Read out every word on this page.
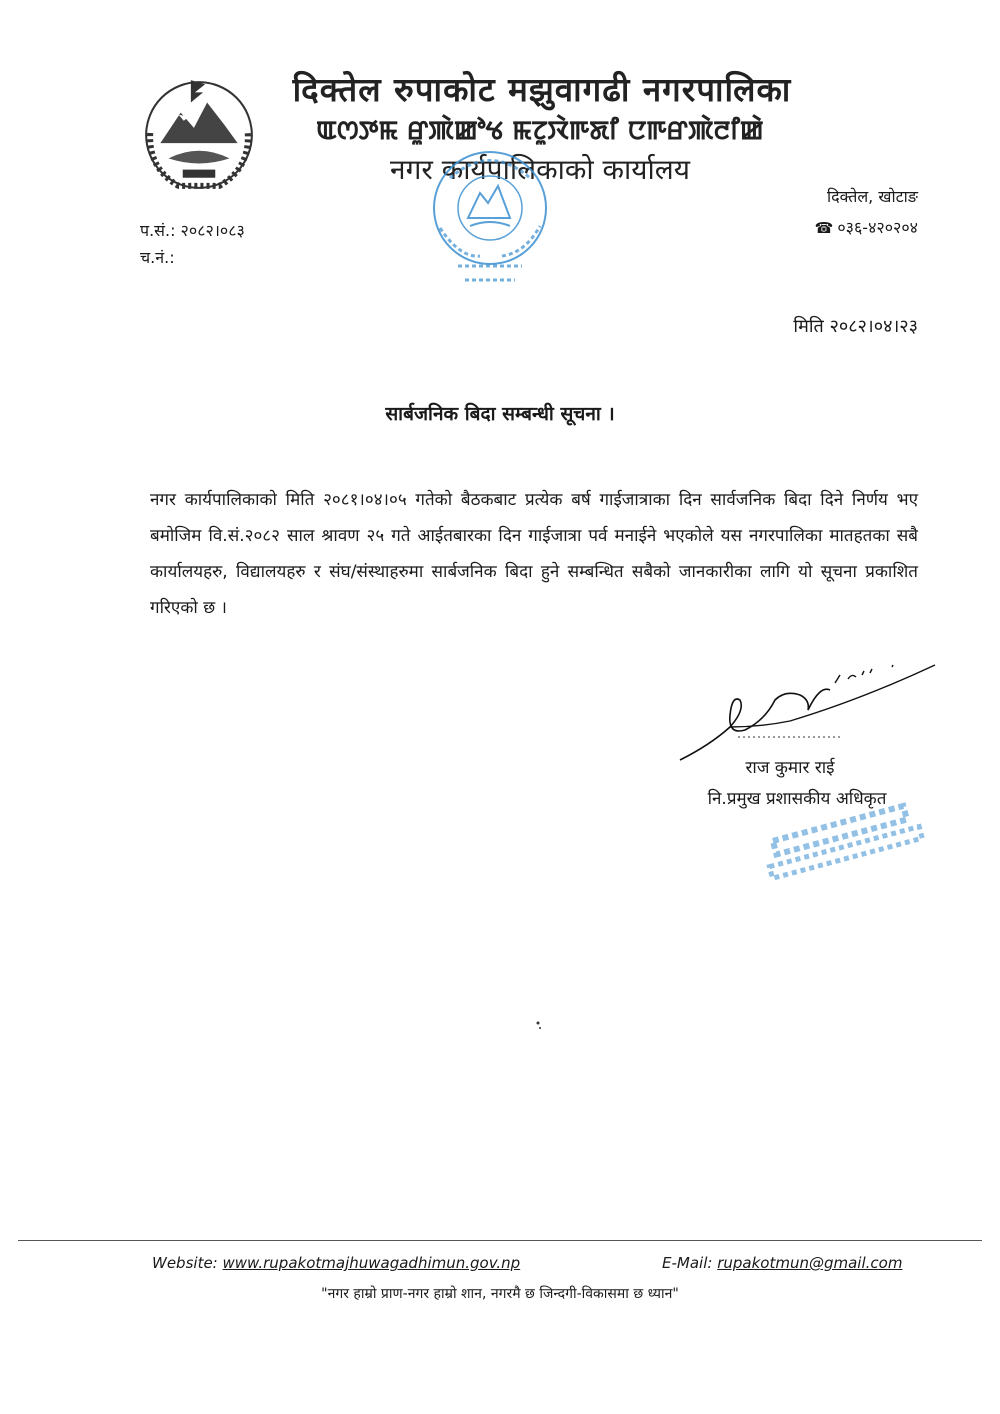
दिक्तेल रुपाकोट मझुवागढी नगरपालिका
ꯑꯁꯇꯃ ꯔꯨꯄꯥꯀꯣꯠ ꯃꯖꯨꯋꯥꯒꯗꯤ ꯅꯒꯔꯄꯥꯂꯤꯀꯥ
नगर कार्यपालिकाको कार्यालय
दिक्तेल, खोटाङ
☎ ०३६-४२०२०४
प.सं.: २०८२।०८३
च.नं.:
मिति २०८२।०४।२३
सार्बजनिक बिदा सम्बन्धी सूचना ।
नगर कार्यपालिकाको मिति २०८१।०४।०५ गतेको बैठकबाट प्रत्येक बर्ष गाईजात्राका दिन सार्वजनिक बिदा दिने निर्णय भए बमोजिम वि.सं.२०८२ साल श्रावण २५ गते आईतबारका दिन गाईजात्रा पर्व मनाईने भएकोले यस नगरपालिका मातहतका सबै कार्यालयहरु, विद्यालयहरु र संघ/संस्थाहरुमा सार्बजनिक बिदा हुने सम्बन्धित सबैको जानकारीका लागि यो सूचना प्रकाशित गरिएको छ ।
राज कुमार राई
नि.प्रमुख प्रशासकीय अधिकृत
Website: www.rupakotmajhuwagadhimun.gov.np	E-Mail: rupakotmun@gmail.com
"नगर हाम्रो प्राण-नगर हाम्रो शान, नगरमै छ जिन्दगी-विकासमा छ ध्यान"
